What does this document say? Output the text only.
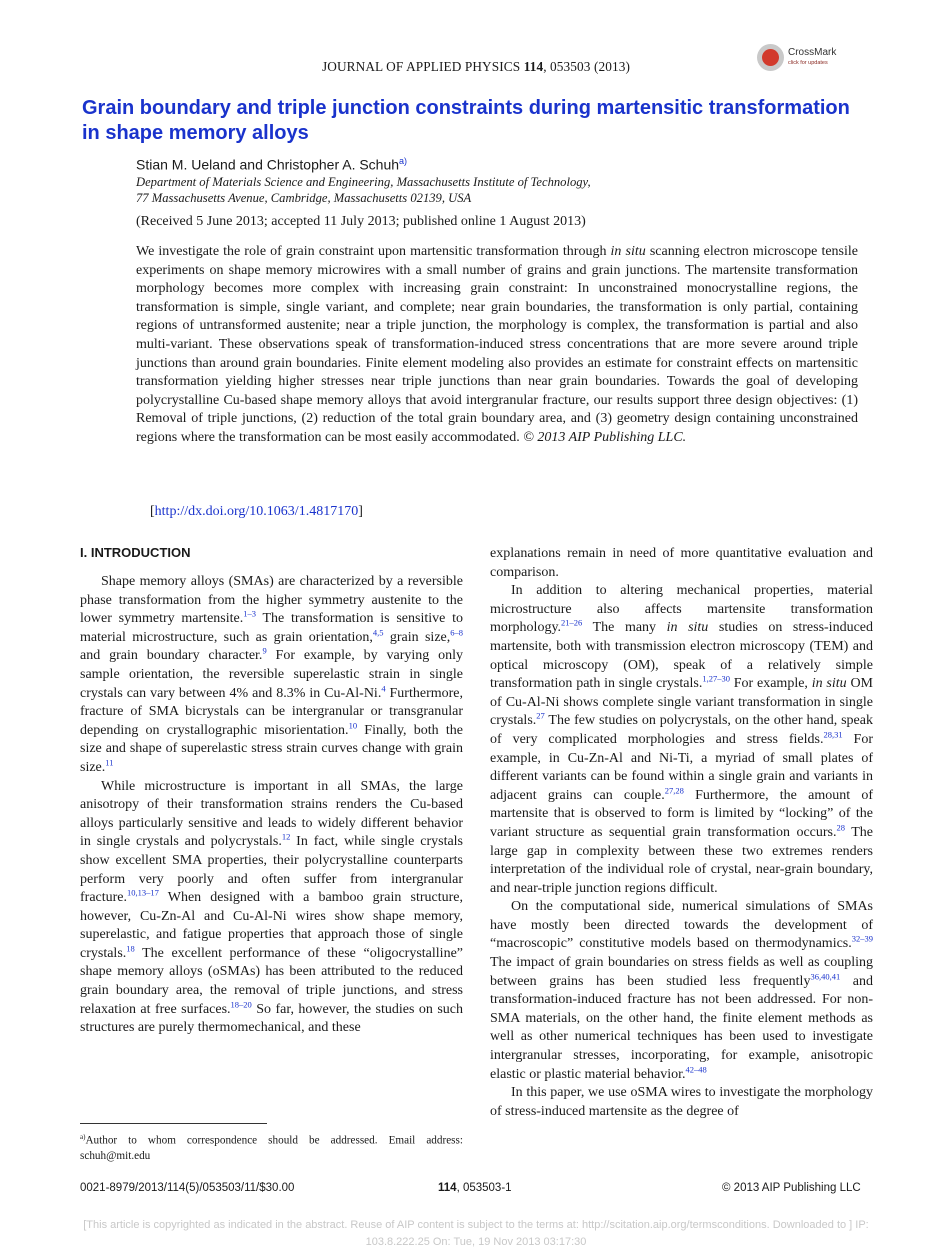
JOURNAL OF APPLIED PHYSICS 114, 053503 (2013)
CrossMark
click for updates
Grain boundary and triple junction constraints during martensitic transformation in shape memory alloys
Stian M. Ueland and Christopher A. Schuh$^{a)}$
Department of Materials Science and Engineering, Massachusetts Institute of Technology,
77 Massachusetts Avenue, Cambridge, Massachusetts 02139, USA
(Received 5 June 2013; accepted 11 July 2013; published online 1 August 2013)
We investigate the role of grain constraint upon martensitic transformation through in situ scanning electron microscope tensile experiments on shape memory microwires with a small number of grains and grain junctions. The martensite transformation morphology becomes more complex with increasing grain constraint: In unconstrained monocrystalline regions, the transformation is simple, single variant, and complete; near grain boundaries, the transformation is only partial, containing regions of untransformed austenite; near a triple junction, the morphology is complex, the transformation is partial and also multi-variant. These observations speak of transformation-induced stress concentrations that are more severe around triple junctions than around grain boundaries. Finite element modeling also provides an estimate for constraint effects on martensitic transformation yielding higher stresses near triple junctions than near grain boundaries. Towards the goal of developing polycrystalline Cu-based shape memory alloys that avoid intergranular fracture, our results support three design objectives: (1) Removal of triple junctions, (2) reduction of the total grain boundary area, and (3) geometry design containing unconstrained regions where the transformation can be most easily accommodated. © 2013 AIP Publishing LLC.
[http://dx.doi.org/10.1063/1.4817170]
I. INTRODUCTION

Shape memory alloys (SMAs) are characterized by a reversible phase transformation from the higher symmetry austenite to the lower symmetry martensite.$^{1-3}$ The transformation is sensitive to material microstructure, such as grain orientation,$^{4,5}$ grain size,$^{6-8}$ and grain boundary character.$^9$ For example, by varying only sample orientation, the reversible superelastic strain in single crystals can vary between 4% and 8.3% in Cu-Al-Ni.$^4$ Furthermore, fracture of SMA bicrystals can be intergranular or transgranular depending on crystallographic misorientation.$^{10}$ Finally, both the size and shape of superelastic stress strain curves change with grain size.$^{11}$

While microstructure is important in all SMAs, the large anisotropy of their transformation strains renders the Cu-based alloys particularly sensitive and leads to widely different behavior in single crystals and polycrystals.$^{12}$ In fact, while single crystals show excellent SMA properties, their polycrystalline counterparts perform very poorly and often suffer from intergranular fracture.$^{10,13-17}$ When designed with a bamboo grain structure, however, Cu-Zn-Al and Cu-Al-Ni wires show shape memory, superelastic, and fatigue properties that approach those of single crystals.$^{18}$ The excellent performance of these “oligocrystalline” shape memory alloys (oSMAs) has been attributed to the reduced grain boundary area, the removal of triple junctions, and stress relaxation at free surfaces.$^{18-20}$ So far, however, the studies on such structures are purely thermomechanical, and these

explanations remain in need of more quantitative evaluation and comparison.

In addition to altering mechanical properties, material microstructure also affects martensite transformation morphology.$^{21-26}$ The many in situ studies on stress-induced martensite, both with transmission electron microscopy (TEM) and optical microscopy (OM), speak of a relatively simple transformation path in single crystals.$^{1,27-30}$ For example, in situ OM of Cu-Al-Ni shows complete single variant transformation in single crystals.$^{27}$ The few studies on polycrystals, on the other hand, speak of very complicated morphologies and stress fields.$^{28,31}$ For example, in Cu-Zn-Al and Ni-Ti, a myriad of small plates of different variants can be found within a single grain and variants in adjacent grains can couple.$^{27,28}$ Furthermore, the amount of martensite that is observed to form is limited by “locking” of the variant structure as sequential grain transformation occurs.$^{28}$ The large gap in complexity between these two extremes renders interpretation of the individual role of crystal, near-grain boundary, and near-triple junction regions difficult.

On the computational side, numerical simulations of SMAs have mostly been directed towards the development of “macroscopic” constitutive models based on thermodynamics.$^{32-39}$ The impact of grain boundaries on stress fields as well as coupling between grains has been studied less frequently$^{36,40,41}$ and transformation-induced fracture has not been addressed. For non-SMA materials, on the other hand, the finite element methods as well as other numerical techniques has been used to investigate intergranular stresses, incorporating, for example, anisotropic elastic or plastic material behavior.$^{42-48}$

In this paper, we use oSMA wires to investigate the morphology of stress-induced martensite as the degree of

$^{a)}$Author to whom correspondence should be addressed. Email address: schuh@mit.edu
0021-8979/2013/114(5)/053503/11/$30.00	114, 053503-1	© 2013 AIP Publishing LLC
[This article is copyrighted as indicated in the abstract. Reuse of AIP content is subject to the terms at: http://scitation.aip.org/termsconditions. Downloaded to ] IP:
103.8.222.25 On: Tue, 19 Nov 2013 03:17:30
